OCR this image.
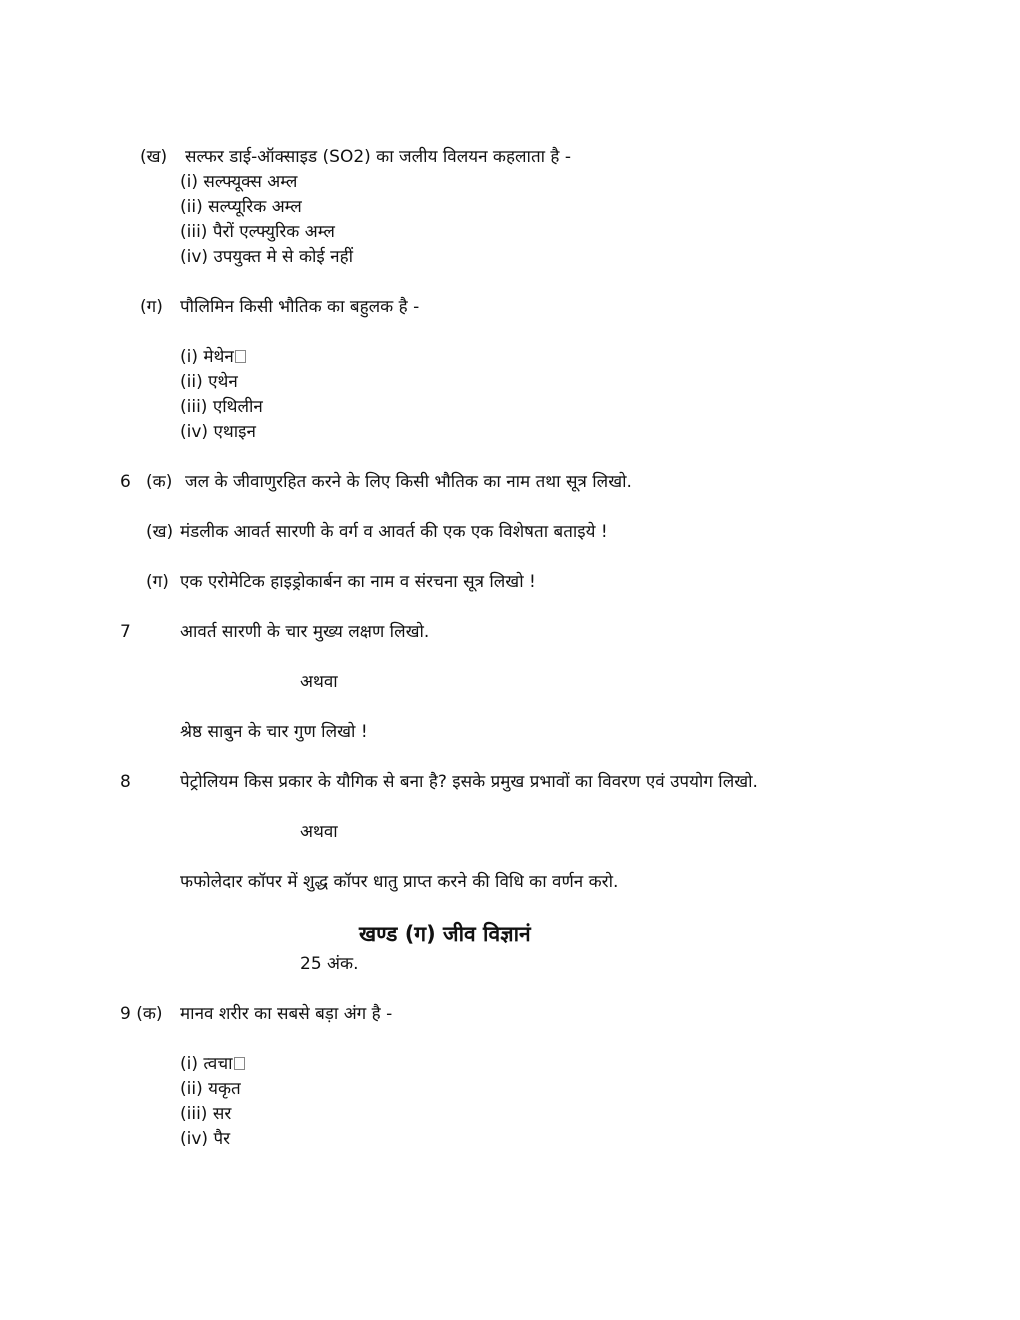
(ख) सल्फर डाई-ऑक्साइड (SO2) का जलीय विलयन कहलाता है -
(i) सल्फ्यूक्स अम्ल
(ii) सल्प्यूरिक अम्ल
(iii) पैरों एल्फ्युरिक अम्ल
(iv) उपयुक्त मे से कोई नहीं
(ग) पौलिमिन किसी भौतिक का बहुलक है -
(i) मेथेन
(ii) एथेन
(iii) एथिलीन
(iv) एथाइन
6 (क) जल के जीवाणुरहित करने के लिए किसी भौतिक का नाम तथा सूत्र लिखो.
(ख) मंडलीक आवर्त सारणी के वर्ग व आवर्त की एक एक विशेषता बताइये !
(ग) एक एरोमेटिक हाइड्रोकार्बन का नाम व संरचना सूत्र लिखो !
7	आवर्त सारणी के चार मुख्य लक्षण लिखो.
अथवा
श्रेष्ठ साबुन के चार गुण लिखो !
8	पेट्रोलियम किस प्रकार के यौगिक से बना है? इसके प्रमुख प्रभावों का विवरण एवं उपयोग लिखो.
अथवा
फफोलेदार कॉपर में शुद्ध कॉपर धातु प्राप्त करने की विधि का वर्णन करो.
खण्ड (ग) जीव विज्ञानं
25 अंक.
9 (क) मानव शरीर का सबसे बड़ा अंग है -
(i) त्वचा
(ii) यकृत
(iii) सर
(iv) पैर
